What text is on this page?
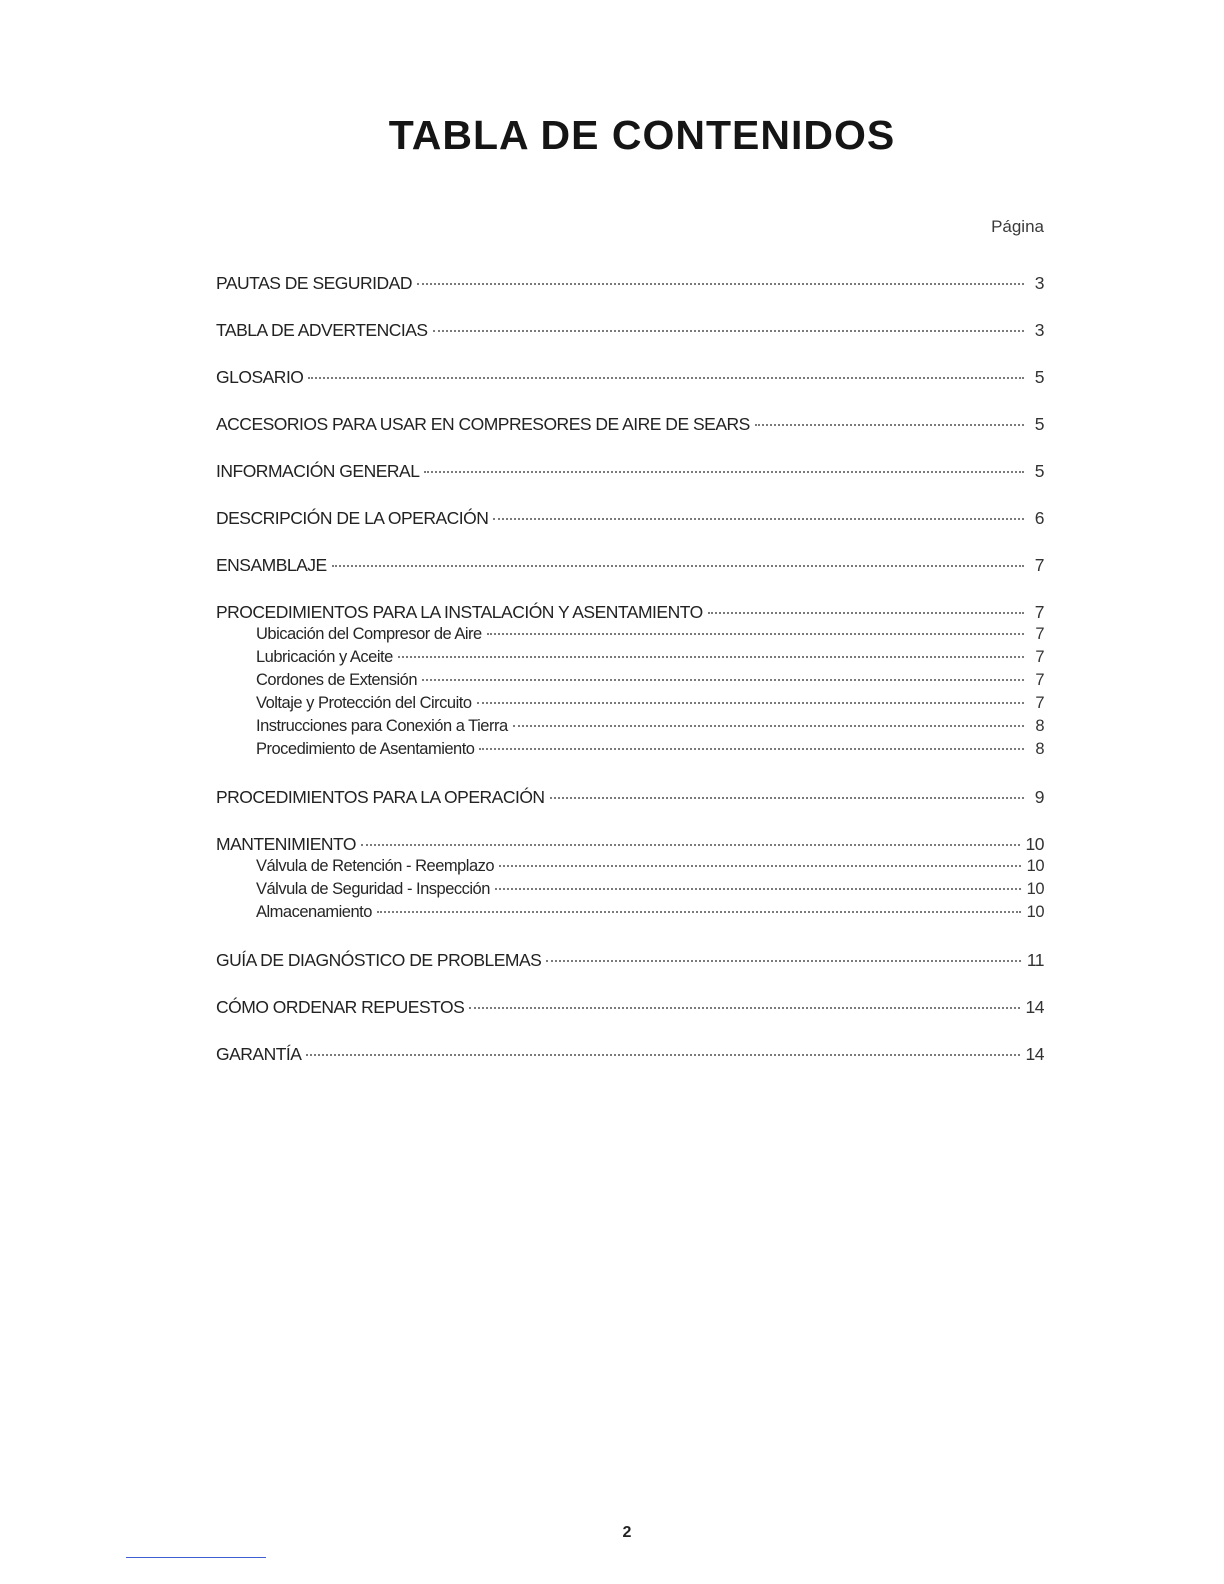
TABLA DE CONTENIDOS
Página
PAUTAS DE SEGURIDAD	3
TABLA DE ADVERTENCIAS	3
GLOSARIO	5
ACCESORIOS PARA USAR EN COMPRESORES DE AIRE DE SEARS	5
INFORMACIÓN GENERAL	5
DESCRIPCIÓN DE LA OPERACIÓN	6
ENSAMBLAJE	7
PROCEDIMIENTOS PARA LA INSTALACIÓN Y ASENTAMIENTO	7
Ubicación del Compresor de Aire	7
Lubricación y Aceite	7
Cordones de Extensión	7
Voltaje y Protección del Circuito	7
Instrucciones para Conexión a Tierra	8
Procedimiento de Asentamiento	8
PROCEDIMIENTOS PARA LA OPERACIÓN	9
MANTENIMIENTO	10
Válvula de Retención - Reemplazo	10
Válvula de Seguridad - Inspección	10
Almacenamiento	10
GUÍA DE DIAGNÓSTICO DE PROBLEMAS	11
CÓMO ORDENAR REPUESTOS	14
GARANTÍA	14
2
